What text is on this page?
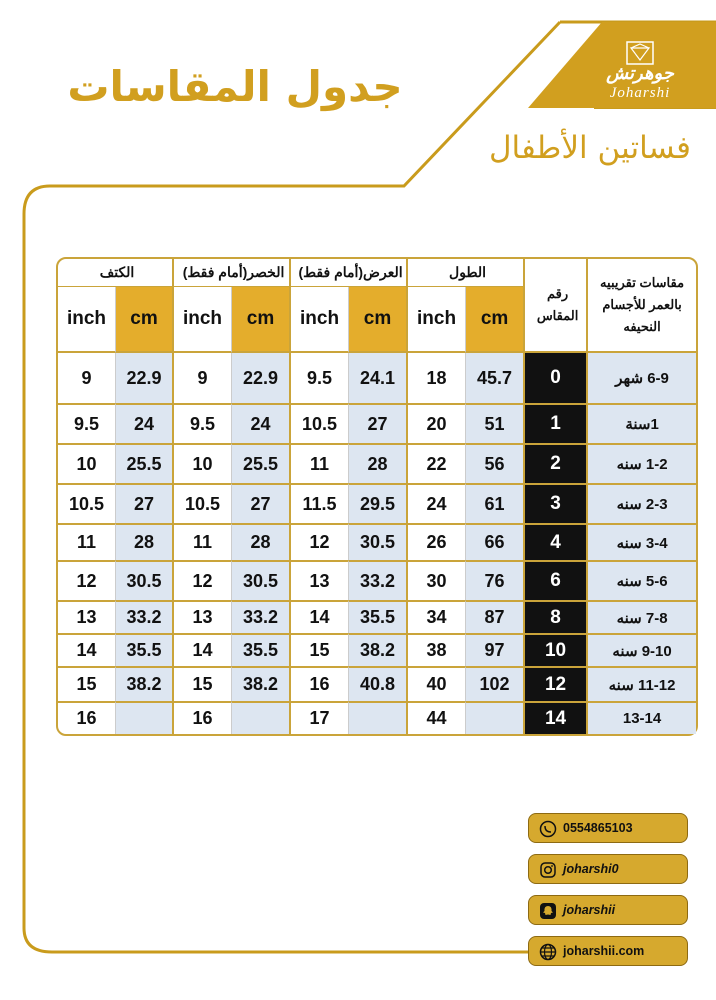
جدول المقاسات
فساتين الأطفال
جوهرتش
Joharshi
الكتف		الخصر(أمام فقط)		العرض(أمام فقط)		الطول		رقم المقاس	مقاسات تقريبيه بالعمر للأجسام النحيفه
inch	cm	inch	cm	inch	cm	inch	cm		
9	22.9	9	22.9	9.5	24.1	18	45.7	0	6-9 شهر
9.5	24	9.5	24	10.5	27	20	51	1	1سنة
10	25.5	10	25.5	11	28	22	56	2	1-2 سنه
10.5	27	10.5	27	11.5	29.5	24	61	3	2-3 سنه
11	28	11	28	12	30.5	26	66	4	3-4 سنه
12	30.5	12	30.5	13	33.2	30	76	6	5-6 سنه
13	33.2	13	33.2	14	35.5	34	87	8	7-8 سنه
14	35.5	14	35.5	15	38.2	38	97	10	9-10 سنه
15	38.2	15	38.2	16	40.8	40	102	12	11-12 سنه
16		16		17		44		14	13-14
0554865103
joharshi0
joharshii
joharshii.com
